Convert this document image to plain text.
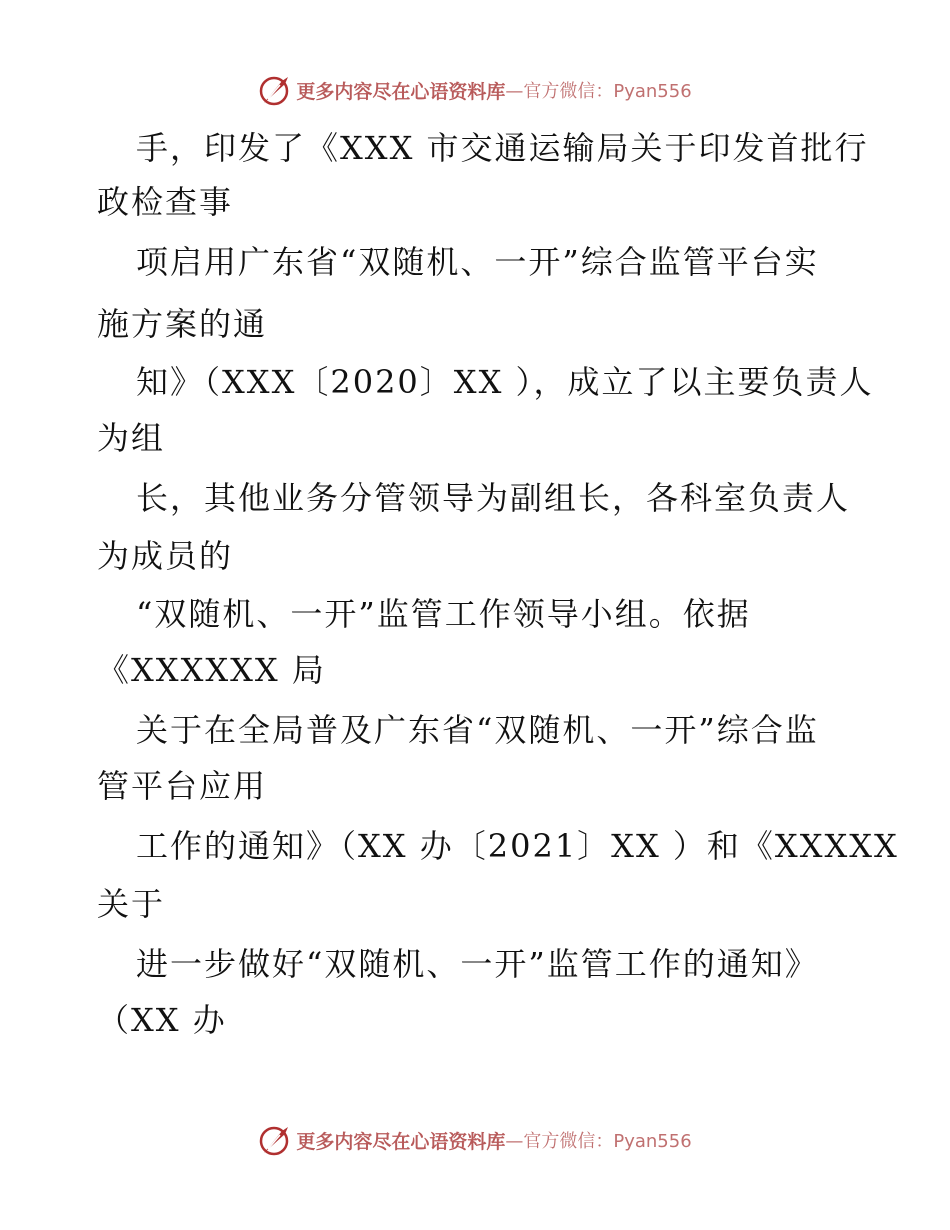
更多内容尽在心语资料库 —官方微信：Pyan556
手，印发了《XXX 市交通运输局关于印发首批行
政检查事
项启用广东省“双随机、一开”综合监管平台实
施方案的通
知》（XXX〔2020〕XX ），成立了以主要负责人
为组
长，其他业务分管领导为副组长，各科室负责人
为成员的
“双随机、一开”监管工作领导小组。依据
《XXXXXX 局
关于在全局普及广东省“双随机、一开”综合监
管平台应用
工作的通知》（XX 办〔2021〕XX ）和《XXXXX
关于
进一步做好“双随机、一开”监管工作的通知》
（XX 办
更多内容尽在心语资料库 —官方微信：Pyan556
